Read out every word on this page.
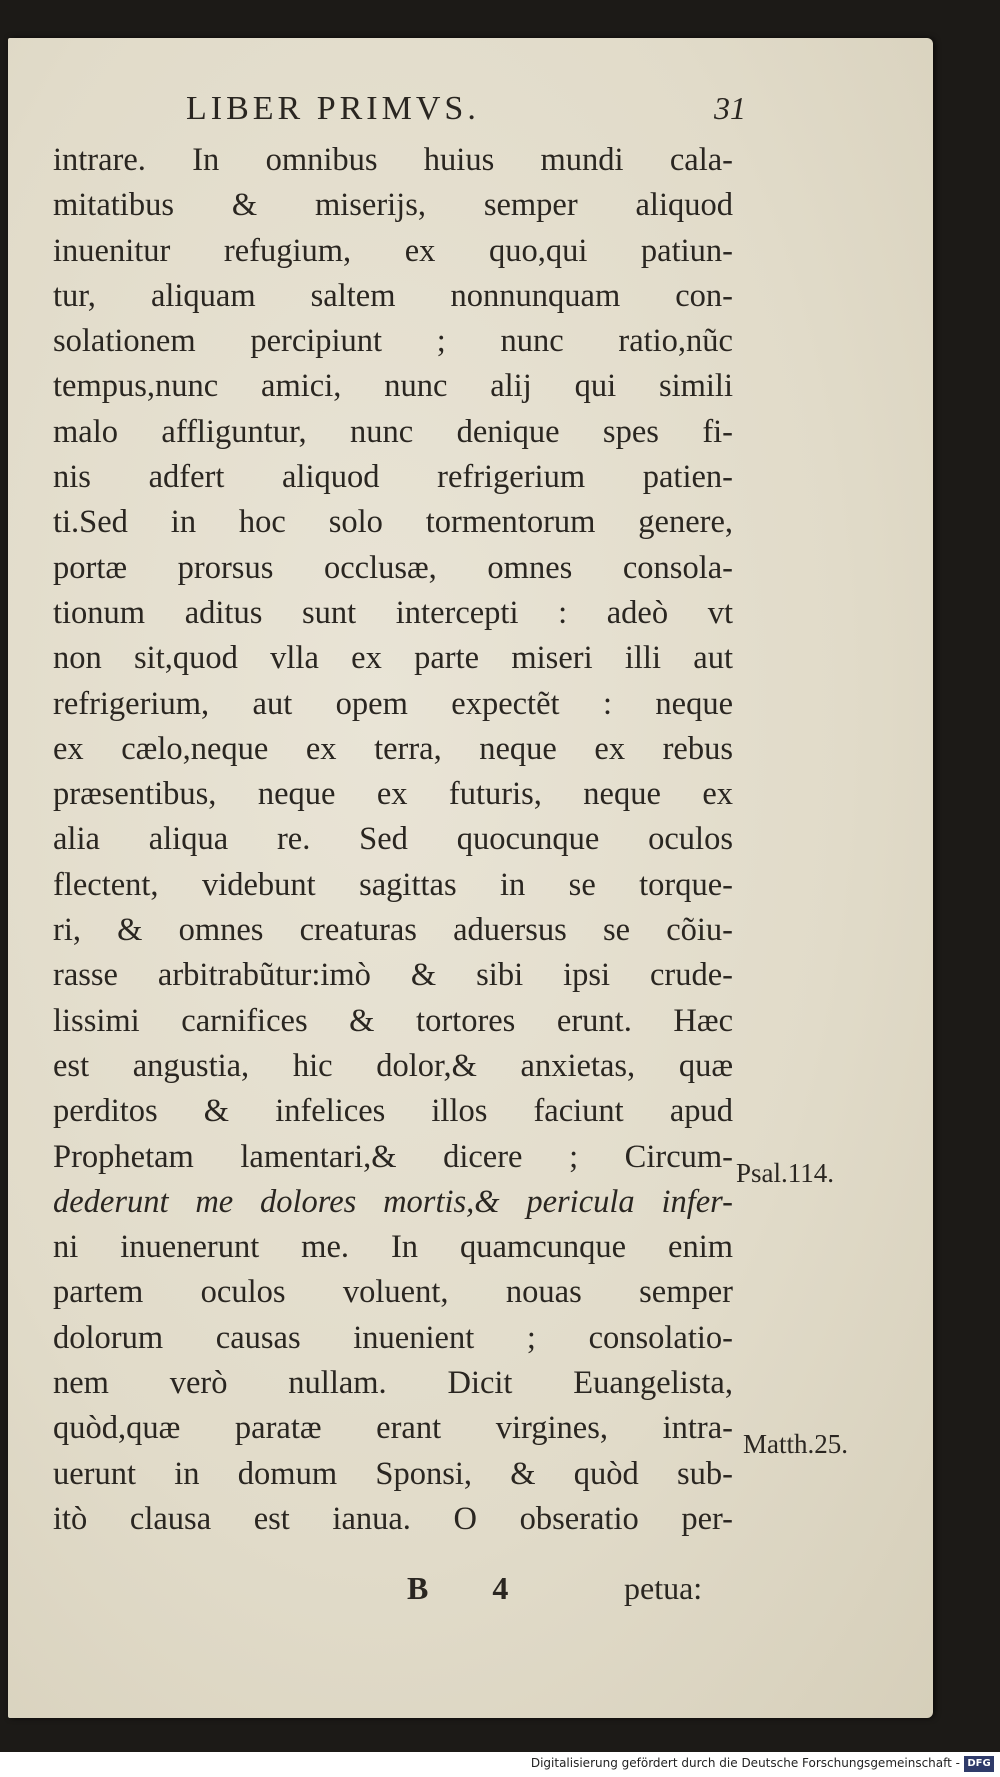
LIBER PRIMVS.	31
intrare. In omnibus huius mundi cala-
mitatibus & miserijs, semper aliquod
inuenitur refugium, ex quo,qui patiun-
tur, aliquam saltem nonnunquam con-
solationem percipiunt ; nunc ratio,nũc
tempus,nunc amici, nunc alij qui simili
malo affliguntur, nunc denique spes fi-
nis adfert aliquod refrigerium patien-
ti.Sed in hoc solo tormentorum genere,
portæ prorsus occlusæ, omnes consola-
tionum aditus sunt intercepti : adeò vt
non sit,quod vlla ex parte miseri illi aut
refrigerium, aut opem expectẽt : neque
ex cælo,neque ex terra, neque ex rebus
præsentibus, neque ex futuris, neque ex
alia aliqua re. Sed quocunque oculos
flectent, videbunt sagittas in se torque-
ri, & omnes creaturas aduersus se cõiu-
rasse arbitrabũtur:imò & sibi ipsi crude-
lissimi carnifices & tortores erunt. Hæc
est angustia, hic dolor,& anxietas, quæ
perditos & infelices illos faciunt apud
Prophetam lamentari,& dicere ; Circum-
dederunt me dolores mortis,& pericula infer-
ni inuenerunt me. In quamcunque enim
partem oculos voluent, nouas semper
dolorum causas inuenient ; consolatio-
nem verò nullam. Dicit Euangelista,
quòd,quæ paratæ erant virgines, intra-
uerunt in domum Sponsi, & quòd sub-
itò clausa est ianua. O obseratio per-
Psal.114.
Matth.25.
B 4	petua:
Digitalisierung gefördert durch die Deutsche Forschungsgemeinschaft - DFG
